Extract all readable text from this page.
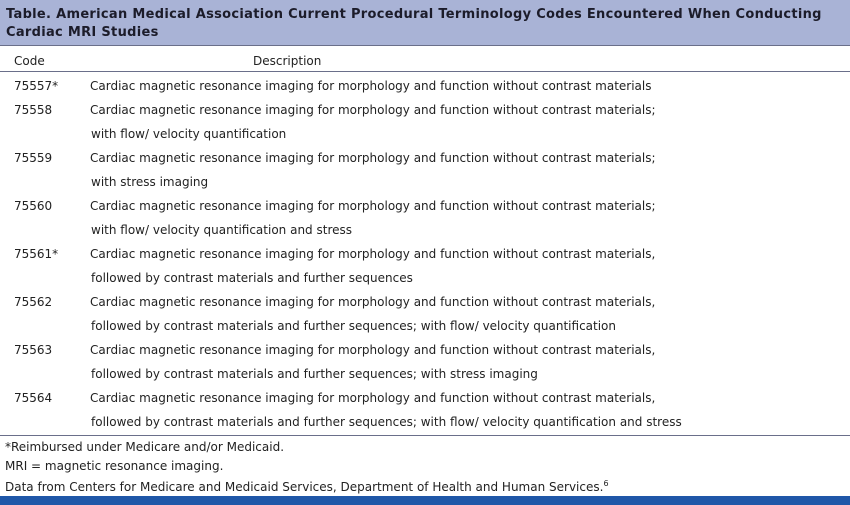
Table. American Medical Association Current Procedural Terminology Codes Encountered When Conducting Cardiac MRI Studies
Code	Description
75557*	Cardiac magnetic resonance imaging for morphology and function without contrast materials
75558	Cardiac magnetic resonance imaging for morphology and function without contrast materials;
with flow/ velocity quantification
75559	Cardiac magnetic resonance imaging for morphology and function without contrast materials;
with stress imaging
75560	Cardiac magnetic resonance imaging for morphology and function without contrast materials;
with flow/ velocity quantification and stress
75561*	Cardiac magnetic resonance imaging for morphology and function without contrast materials,
followed by contrast materials and further sequences
75562	Cardiac magnetic resonance imaging for morphology and function without contrast materials,
followed by contrast materials and further sequences; with flow/ velocity quantification
75563	Cardiac magnetic resonance imaging for morphology and function without contrast materials,
followed by contrast materials and further sequences; with stress imaging
75564	Cardiac magnetic resonance imaging for morphology and function without contrast materials,
followed by contrast materials and further sequences; with flow/ velocity quantification and stress
*Reimbursed under Medicare and/or Medicaid.
MRI = magnetic resonance imaging.
Data from Centers for Medicare and Medicaid Services, Department of Health and Human Services.$^6$
